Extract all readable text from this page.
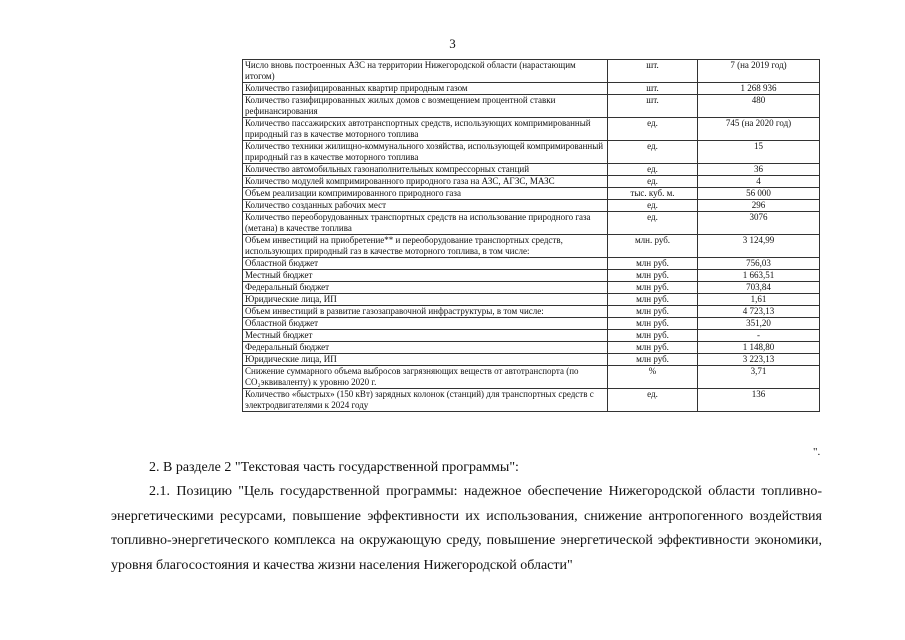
3
Число вновь построенных АЗС на территории Нижегородской области (нарастающим итогом)	шт.	7 (на 2019 год)
Количество газифицированных квартир природным газом	шт.	1 268 936
Количество газифицированных жилых домов с возмещением процентной ставки рефинансирования	шт.	480
Количество пассажирских автотранспортных средств, использующих компримированный природный газ в качестве моторного топлива	ед.	745 (на 2020 год)
Количество техники жилищно-коммунального хозяйства, использующей компримированный природный газ в качестве моторного топлива	ед.	15
Количество автомобильных газонаполнительных компрессорных станций	ед.	36
Количество модулей компримированного природного газа на АЗС, АГЗС, МАЗС	ед.	4
Объем реализации компримированного природного газа	тыс. куб. м.	56 000
Количество созданных рабочих мест	ед.	296
Количество переоборудованных транспортных средств на использование природного газа (метана) в качестве топлива	ед.	3076
Объем инвестиций на приобретение** и переоборудование транспортных средств, использующих природный газ в качестве моторного топлива, в том числе:	млн. руб.	3 124,99
Областной бюджет	млн руб.	756,03
Местный бюджет	млн руб.	1 663,51
Федеральный бюджет	млн руб.	703,84
Юридические лица, ИП	млн руб.	1,61
Объем инвестиций в развитие газозаправочной инфраструктуры, в том числе:	млн руб.	4 723,13
Областной бюджет	млн руб.	351,20
Местный бюджет	млн руб.	-
Федеральный бюджет	млн руб.	1 148,80
Юридические лица, ИП	млн руб.	3 223,13
Снижение суммарного объема выбросов загрязняющих веществ от автотранспорта (по CO₂эквиваленту) к уровню 2020 г.	%	3,71
Количество «быстрых» (150 кВт) зарядных колонок (станций) для транспортных средств с электродвигателями к 2024 году	ед.	136
".
2. В разделе 2 "Текстовая часть государственной программы":
2.1. Позицию "Цель государственной программы: надежное обеспечение Нижегородской области топливно-энергетическими ресурсами, повышение эффективности их использования, снижение антропогенного воздействия топливно-энергетического комплекса на окружающую среду, повышение энергетической эффективности экономики, уровня благосостояния и качества жизни населения Нижегородской области"
